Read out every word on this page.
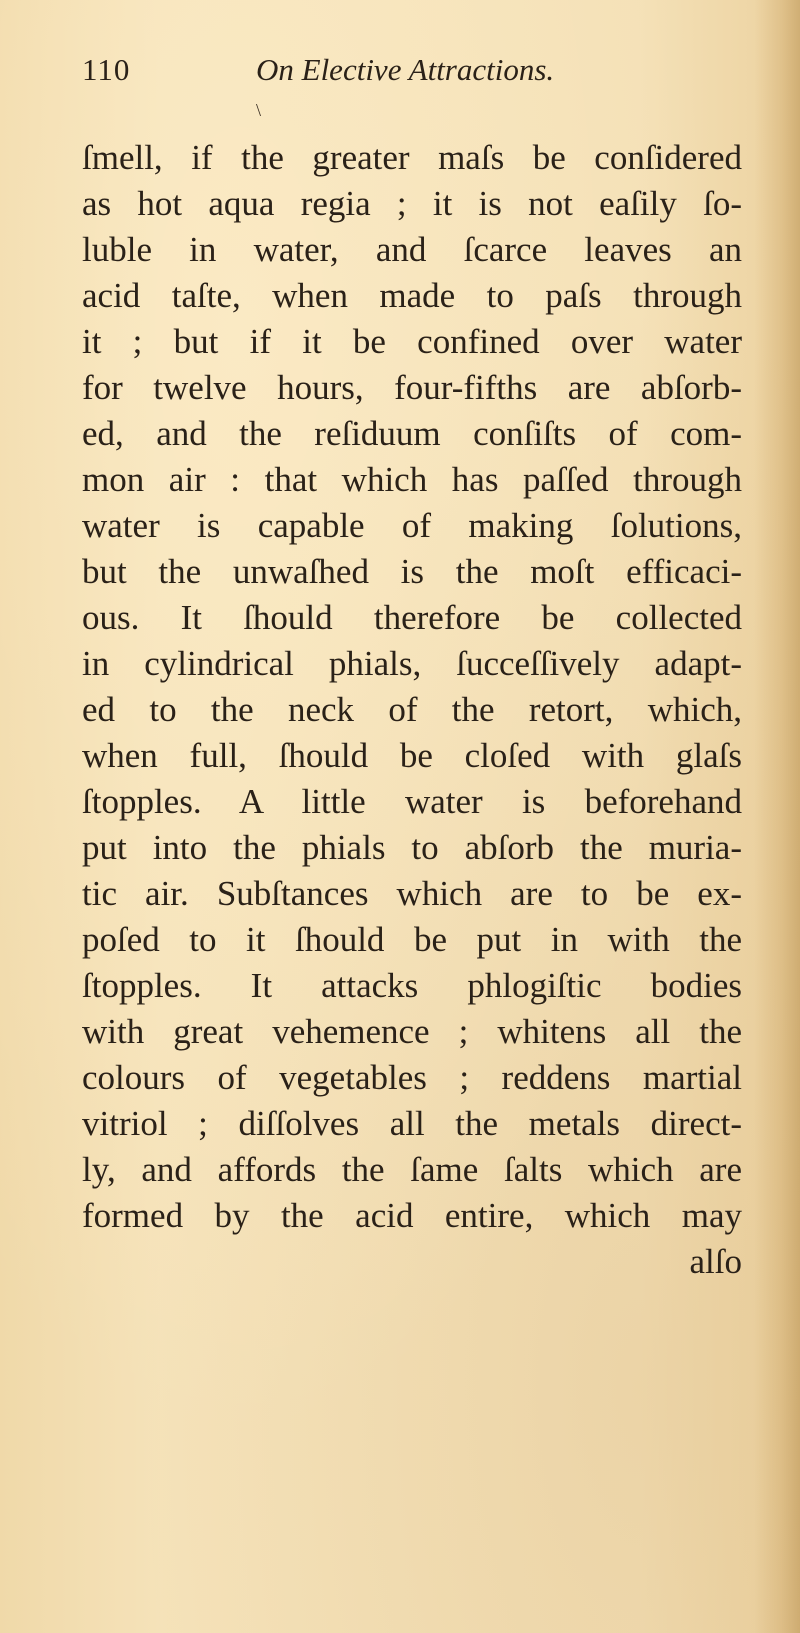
110	On Elective Attractions.
\
ſmell, if the greater maſs be conſidered
as hot aqua regia ; it is not eaſily ſo-
luble in water, and ſcarce leaves an
acid taſte, when made to paſs through
it ; but if it be confined over water
for twelve hours, four-fifths are abſorb-
ed, and the reſiduum conſiſts of com-
mon air : that which has paſſed through
water is capable of making ſolutions,
but the unwaſhed is the moſt efficaci-
ous. It ſhould therefore be collected
in cylindrical phials, ſucceſſively adapt-
ed to the neck of the retort, which,
when full, ſhould be cloſed with glaſs
ſtopples. A little water is beforehand
put into the phials to abſorb the muria-
tic air. Subſtances which are to be ex-
poſed to it ſhould be put in with the
ſtopples. It attacks phlogiſtic bodies
with great vehemence ; whitens all the
colours of vegetables ; reddens martial
vitriol ; diſſolves all the metals direct-
ly, and affords the ſame ſalts which are
formed by the acid entire, which may
alſo
